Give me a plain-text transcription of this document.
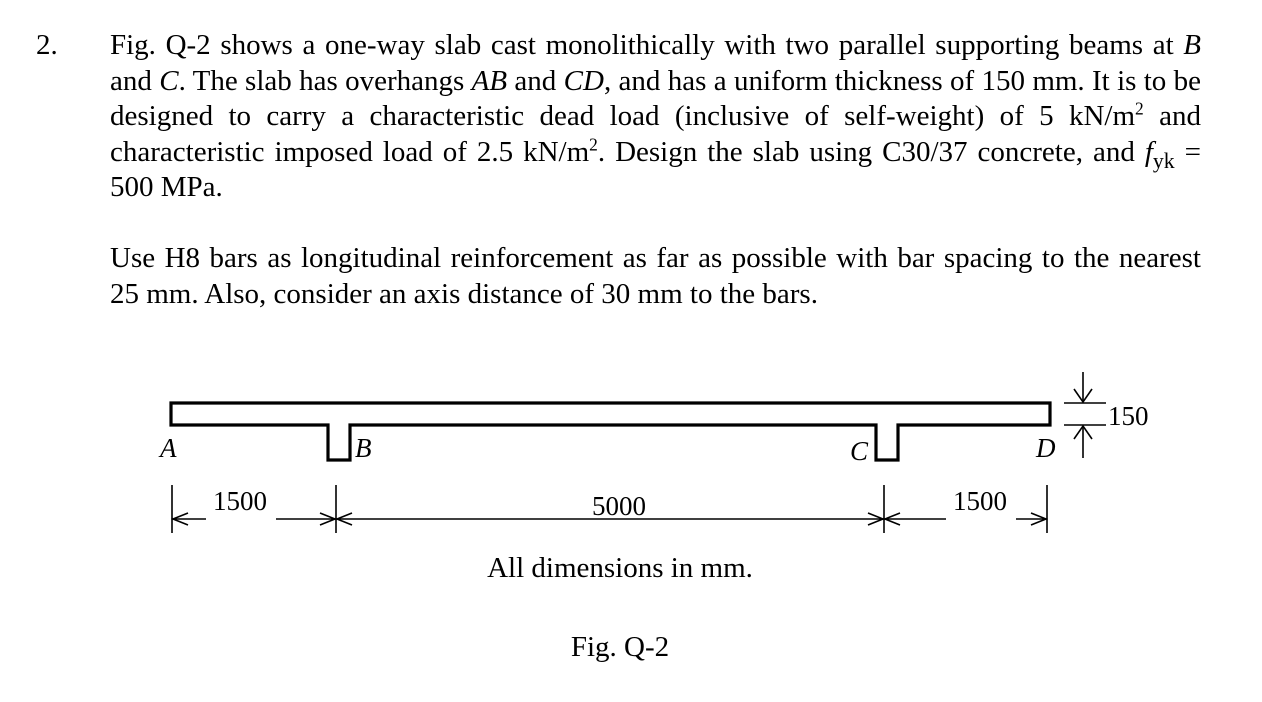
2. Fig. Q-2 shows a one-way slab cast monolithically with two parallel supporting beams at B and C. The slab has overhangs AB and CD, and has a uniform thickness of 150 mm. It is to be designed to carry a characteristic dead load (inclusive of self-weight) of 5 $kN/m^2$ and characteristic imposed load of 2.5 $kN/m^2$. Design the slab using C30/37 concrete, and $f_{yk} = 500$ MPa.

Use H8 bars as longitudinal reinforcement as far as possible with bar spacing to the nearest 25 mm. Also, consider an axis distance of 30 mm to the bars.

A	B	C	D
150
1500	5000	1500
All dimensions in mm.
Fig. Q-2
